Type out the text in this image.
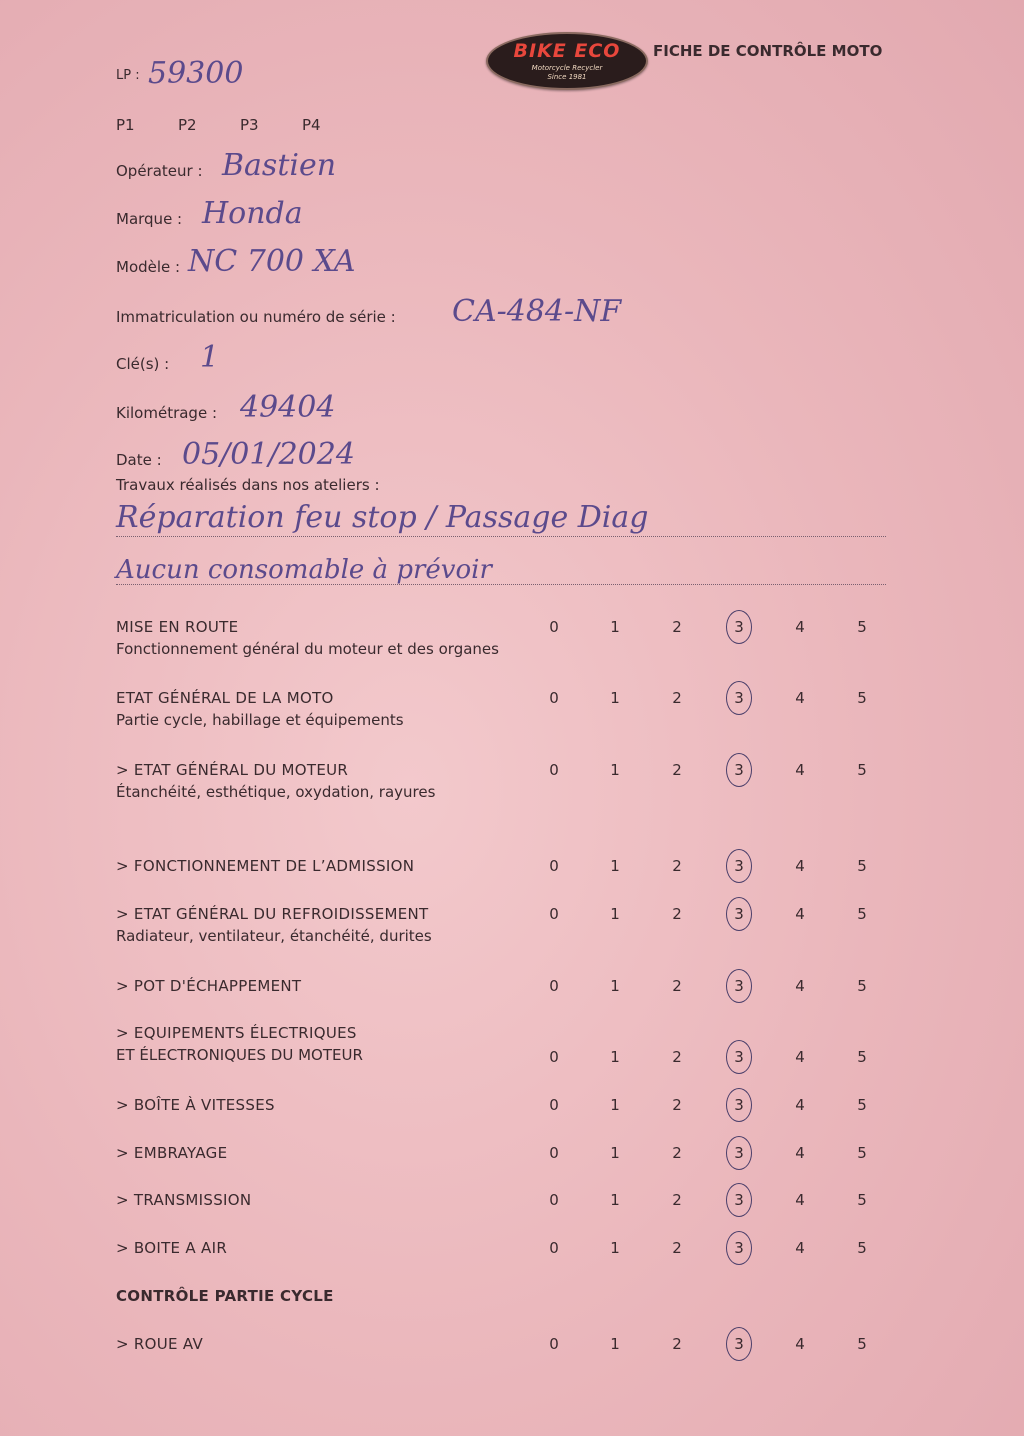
BIKE ECO
Motorcycle Recycler
Since 1981
FICHE DE CONTRÔLE MOTO
LP : 59300
P1	P2	P3	P4
Opérateur : Bastien
Marque : Honda
Modèle : NC 700 XA
Immatriculation ou numéro de série : CA-484-NF
Clé(s) : 1
Kilométrage : 49404
Date : 05/01/2024
Travaux réalisés dans nos ateliers :
Réparation feu stop / Passage Diag
Aucun consomable à prévoir
MISE EN ROUTE
Fonctionnement général du moteur et des organes
0	1	2	3	4	5
ETAT GÉNÉRAL DE LA MOTO
Partie cycle, habillage et équipements
0	1	2	3	4	5
> ETAT GÉNÉRAL DU MOTEUR
Étanchéité, esthétique, oxydation, rayures
0	1	2	3	4	5
> FONCTIONNEMENT DE L’ADMISSION	0	1	2	3	4	5
> ETAT GÉNÉRAL DU REFROIDISSEMENT
Radiateur, ventilateur, étanchéité, durites
0	1	2	3	4	5
> POT D'ÉCHAPPEMENT	0	1	2	3	4	5
> EQUIPEMENTS ÉLECTRIQUES
ET ÉLECTRONIQUES DU MOTEUR	0	1	2	3	4	5
> BOÎTE À VITESSES	0	1	2	3	4	5
> EMBRAYAGE	0	1	2	3	4	5
> TRANSMISSION	0	1	2	3	4	5
> BOITE A AIR	0	1	2	3	4	5
CONTRÔLE PARTIE CYCLE
> ROUE AV	0	1	2	3	4	5
